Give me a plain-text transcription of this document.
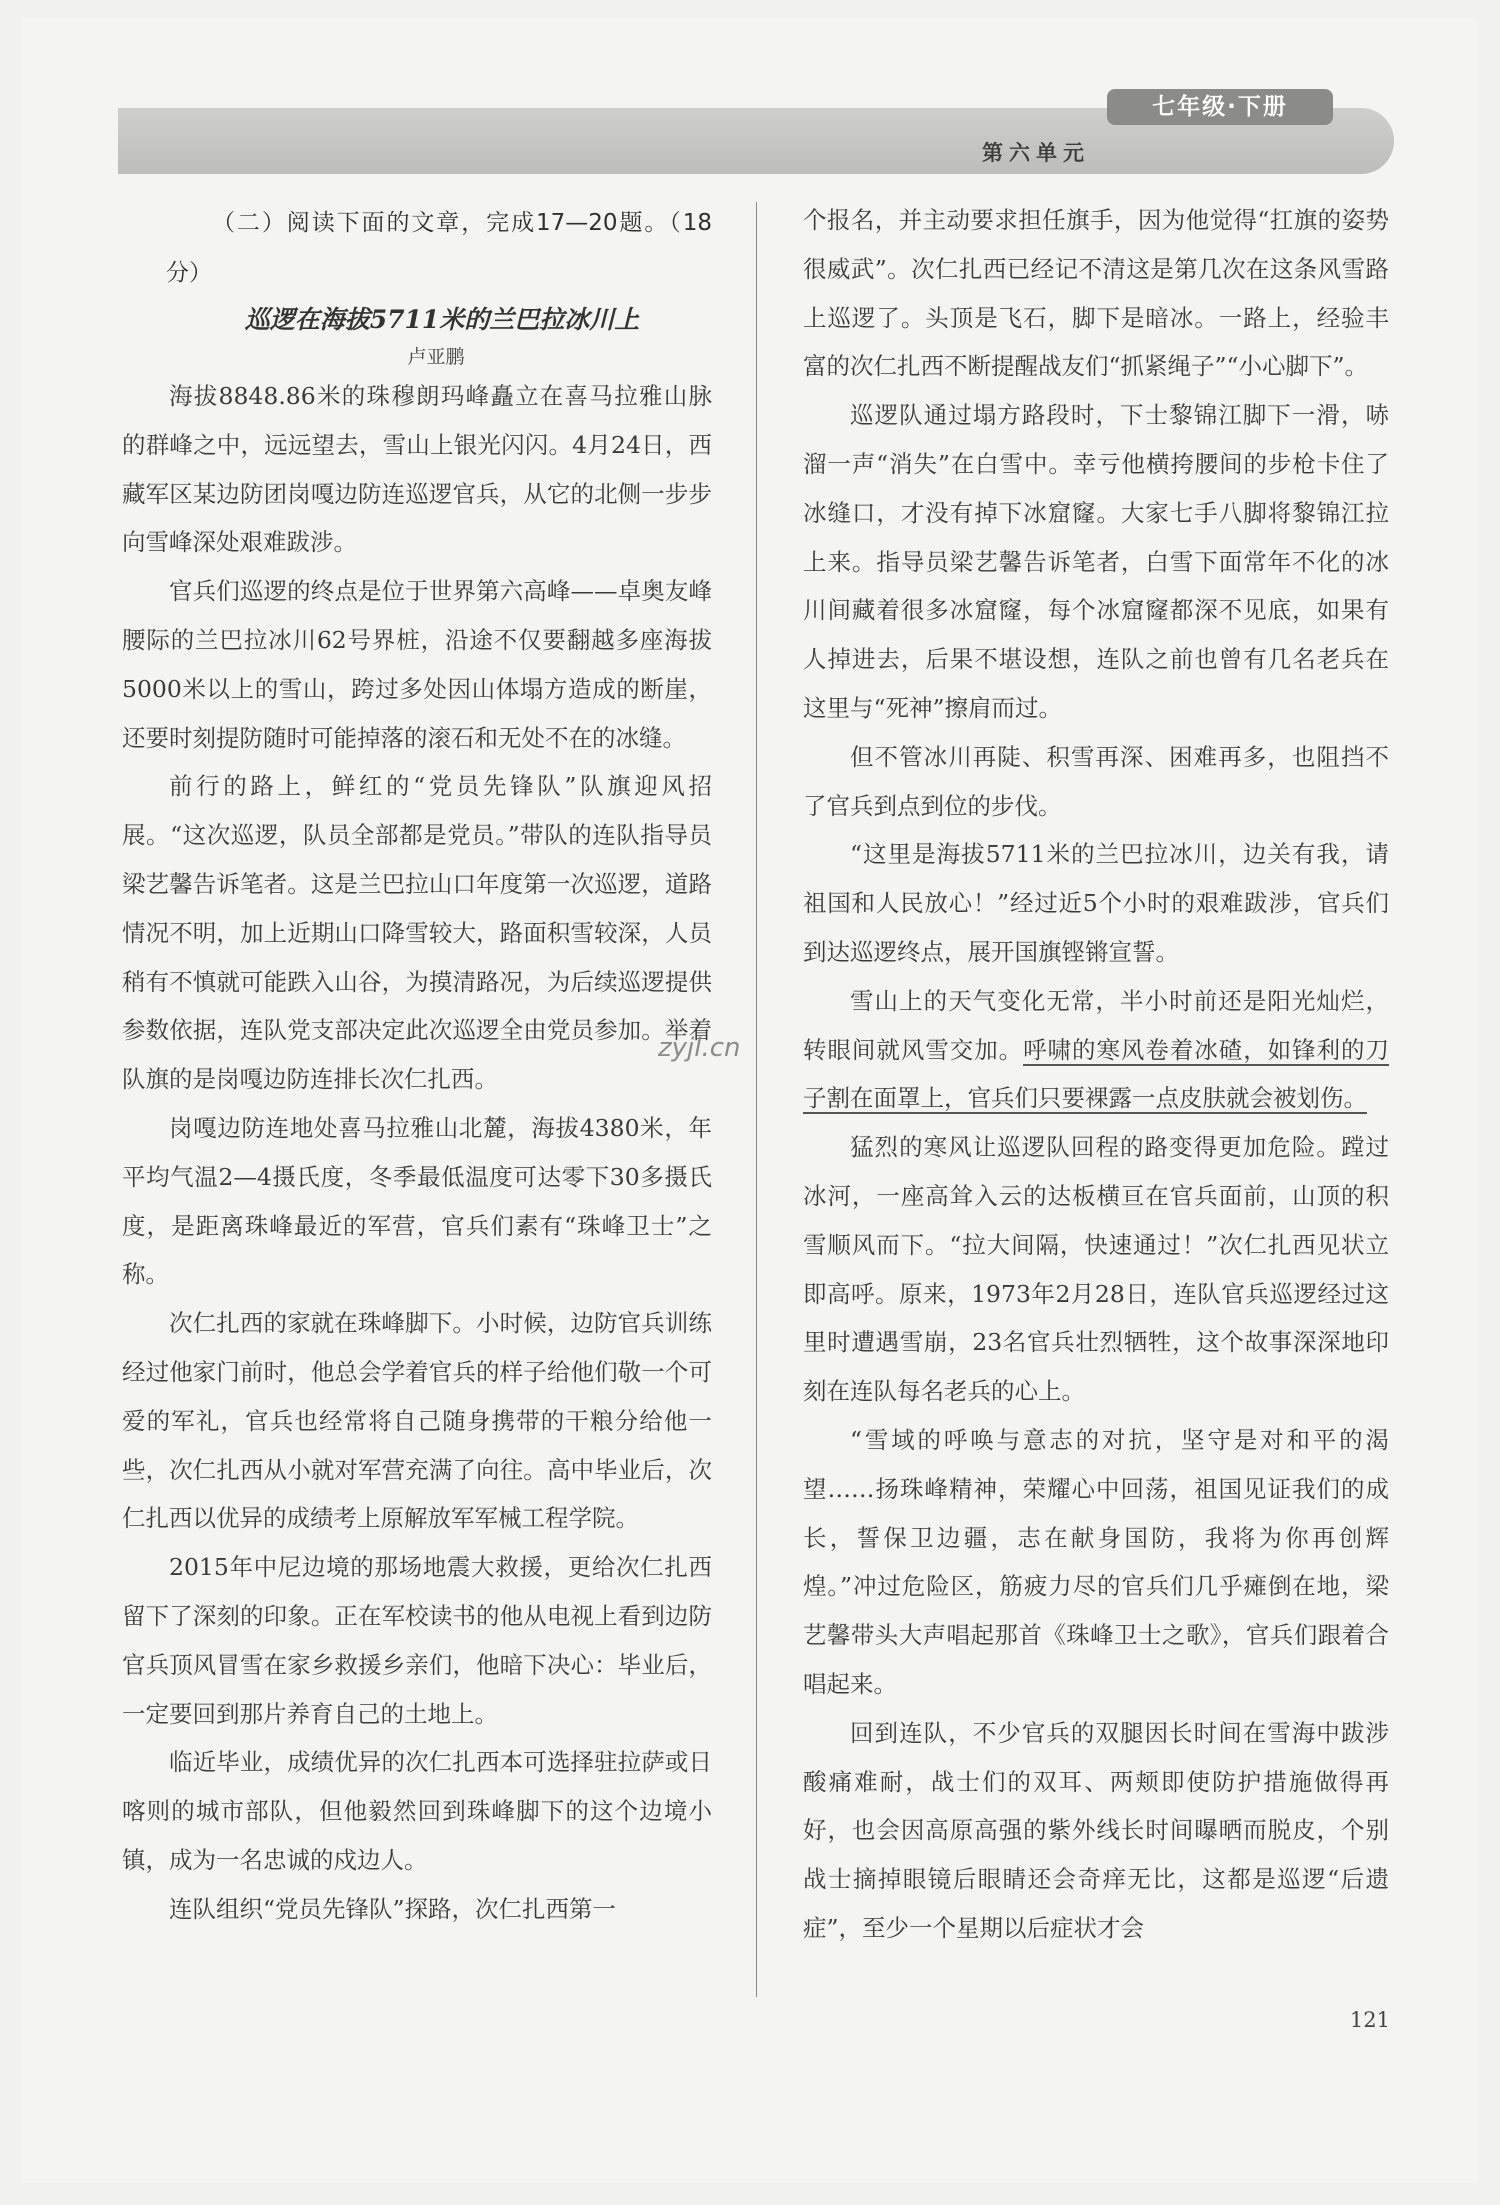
七年级·下册
第六单元

（二）阅读下面的文章，完成17—20题。（18分）

巡逻在海拔5711米的兰巴拉冰川上

卢亚鹏

海拔8848.86米的珠穆朗玛峰矗立在喜马拉雅山脉的群峰之中，远远望去，雪山上银光闪闪。4月24日，西藏军区某边防团岗嘎边防连巡逻官兵，从它的北侧一步步向雪峰深处艰难跋涉。

官兵们巡逻的终点是位于世界第六高峰——卓奥友峰腰际的兰巴拉冰川62号界桩，沿途不仅要翻越多座海拔5000米以上的雪山，跨过多处因山体塌方造成的断崖，还要时刻提防随时可能掉落的滚石和无处不在的冰缝。

前行的路上，鲜红的“党员先锋队”队旗迎风招展。“这次巡逻，队员全部都是党员。”带队的连队指导员梁艺馨告诉笔者。这是兰巴拉山口年度第一次巡逻，道路情况不明，加上近期山口降雪较大，路面积雪较深，人员稍有不慎就可能跌入山谷，为摸清路况，为后续巡逻提供参数依据，连队党支部决定此次巡逻全由党员参加。举着队旗的是岗嘎边防连排长次仁扎西。

岗嘎边防连地处喜马拉雅山北麓，海拔4380米，年平均气温2—4摄氏度，冬季最低温度可达零下30多摄氏度，是距离珠峰最近的军营，官兵们素有“珠峰卫士”之称。

次仁扎西的家就在珠峰脚下。小时候，边防官兵训练经过他家门前时，他总会学着官兵的样子给他们敬一个可爱的军礼，官兵也经常将自己随身携带的干粮分给他一些，次仁扎西从小就对军营充满了向往。高中毕业后，次仁扎西以优异的成绩考上原解放军军械工程学院。

2015年中尼边境的那场地震大救援，更给次仁扎西留下了深刻的印象。正在军校读书的他从电视上看到边防官兵顶风冒雪在家乡救援乡亲们，他暗下决心：毕业后，一定要回到那片养育自己的土地上。

临近毕业，成绩优异的次仁扎西本可选择驻拉萨或日喀则的城市部队，但他毅然回到珠峰脚下的这个边境小镇，成为一名忠诚的戍边人。

连队组织“党员先锋队”探路，次仁扎西第一

个报名，并主动要求担任旗手，因为他觉得“扛旗的姿势很威武”。次仁扎西已经记不清这是第几次在这条风雪路上巡逻了。头顶是飞石，脚下是暗冰。一路上，经验丰富的次仁扎西不断提醒战友们“抓紧绳子”“小心脚下”。

巡逻队通过塌方路段时，下士黎锦江脚下一滑，哧溜一声“消失”在白雪中。幸亏他横挎腰间的步枪卡住了冰缝口，才没有掉下冰窟窿。大家七手八脚将黎锦江拉上来。指导员梁艺馨告诉笔者，白雪下面常年不化的冰川间藏着很多冰窟窿，每个冰窟窿都深不见底，如果有人掉进去，后果不堪设想，连队之前也曾有几名老兵在这里与“死神”擦肩而过。

但不管冰川再陡、积雪再深、困难再多，也阻挡不了官兵到点到位的步伐。

“这里是海拔5711米的兰巴拉冰川，边关有我，请祖国和人民放心！”经过近5个小时的艰难跋涉，官兵们到达巡逻终点，展开国旗铿锵宣誓。

雪山上的天气变化无常，半小时前还是阳光灿烂，转眼间就风雪交加。呼啸的寒风卷着冰碴，如锋利的刀子割在面罩上，官兵们只要裸露一点皮肤就会被划伤。

猛烈的寒风让巡逻队回程的路变得更加危险。蹚过冰河，一座高耸入云的达板横亘在官兵面前，山顶的积雪顺风而下。“拉大间隔，快速通过！”次仁扎西见状立即高呼。原来，1973年2月28日，连队官兵巡逻经过这里时遭遇雪崩，23名官兵壮烈牺牲，这个故事深深地印刻在连队每名老兵的心上。

“雪域的呼唤与意志的对抗，坚守是对和平的渴望……扬珠峰精神，荣耀心中回荡，祖国见证我们的成长，誓保卫边疆，志在献身国防，我将为你再创辉煌。”冲过危险区，筋疲力尽的官兵们几乎瘫倒在地，梁艺馨带头大声唱起那首《珠峰卫士之歌》，官兵们跟着合唱起来。

回到连队，不少官兵的双腿因长时间在雪海中跋涉酸痛难耐，战士们的双耳、两颊即使防护措施做得再好，也会因高原高强的紫外线长时间曝晒而脱皮，个别战士摘掉眼镜后眼睛还会奇痒无比，这都是巡逻“后遗症”，至少一个星期以后症状才会

zyjl.cn
121
